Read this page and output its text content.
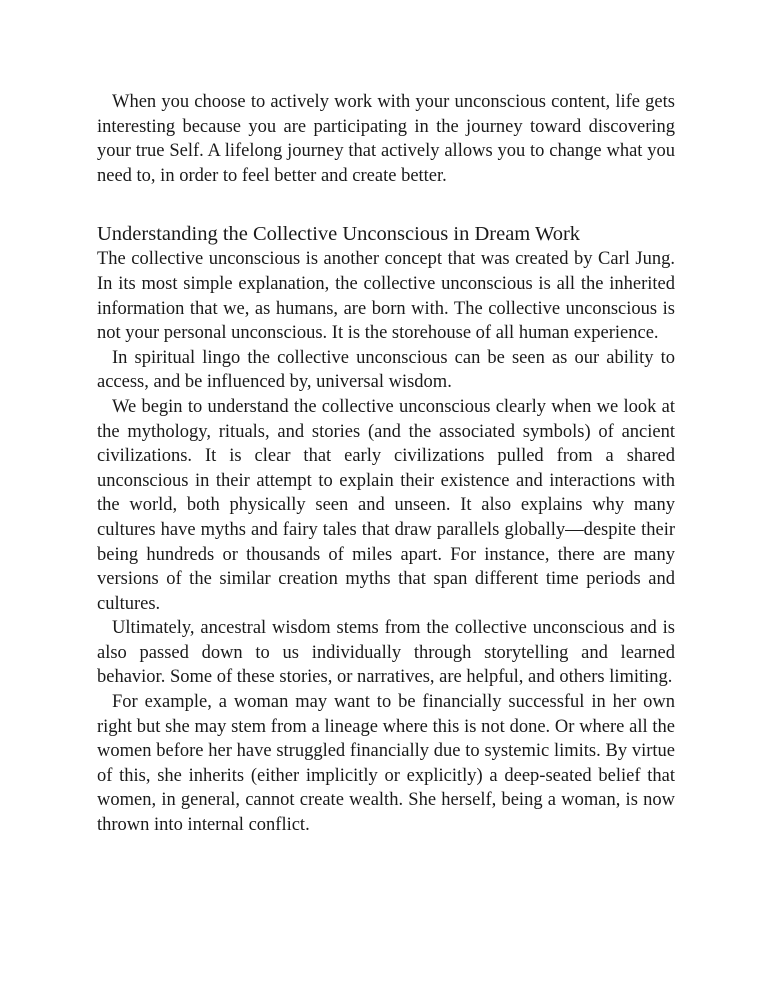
When you choose to actively work with your unconscious content, life gets interesting because you are participating in the journey toward discovering your true Self. A lifelong journey that actively allows you to change what you need to, in order to feel better and create better.

Understanding the Collective Unconscious in Dream Work

The collective unconscious is another concept that was created by Carl Jung. In its most simple explanation, the collective unconscious is all the inherited information that we, as humans, are born with. The collective unconscious is not your personal unconscious. It is the storehouse of all human experience.

In spiritual lingo the collective unconscious can be seen as our ability to access, and be influenced by, universal wisdom.

We begin to understand the collective unconscious clearly when we look at the mythology, rituals, and stories (and the associated symbols) of ancient civilizations. It is clear that early civilizations pulled from a shared unconscious in their attempt to explain their existence and interactions with the world, both physically seen and unseen. It also explains why many cultures have myths and fairy tales that draw parallels globally—despite their being hundreds or thousands of miles apart. For instance, there are many versions of the similar creation myths that span different time periods and cultures.

Ultimately, ancestral wisdom stems from the collective unconscious and is also passed down to us individually through storytelling and learned behavior. Some of these stories, or narratives, are helpful, and others limiting.

For example, a woman may want to be financially successful in her own right but she may stem from a lineage where this is not done. Or where all the women before her have struggled financially due to systemic limits. By virtue of this, she inherits (either implicitly or explicitly) a deep-seated belief that women, in general, cannot create wealth. She herself, being a woman, is now thrown into internal conflict.
